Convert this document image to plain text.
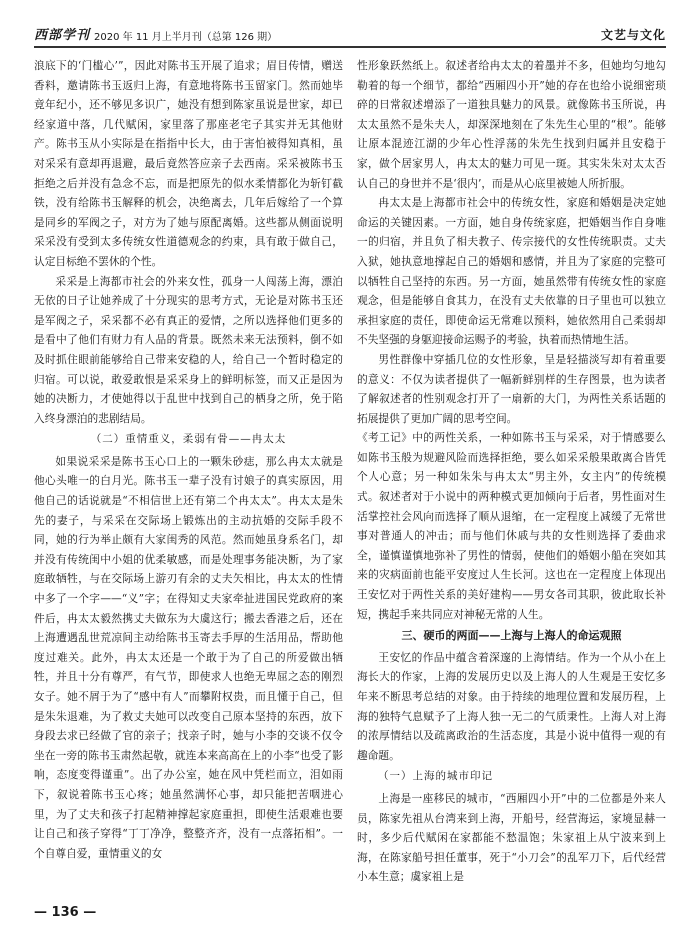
西部学刊 2020 年 11 月上半月刊（总第 126 期）	文艺与文化

浪底下的‘门槛心’”，因此对陈书玉开展了追求；眉目传情，赠送香料，邀请陈书玉返归上海，有意地将陈书玉留家门。然而她毕竟年纪小，还不够见多识广，她没有想到陈家虽说是世家，却已经家道中落，几代赋闲，家里落了那座老宅子其实并无其他财产。陈书玉从小实际是在指指中长大，由于害怕被得知真相，虽对采采有意却再退避，最后竟然答应亲子去西南。采采被陈书玉拒绝之后并没有急念不忘，而是把原先的似水柔情都化为斩钉截铁，没有给陈书玉解释的机会，决绝离去，几年后嫁给了一个算是同乡的军阀之子，对方为了她与原配离婚。这些都从侧面说明采采没有受到太多传统女性道德观念的约束，具有敢于做自己，认定目标绝不罢休的个性。

采采是上海都市社会的外来女性，孤身一人闯荡上海，漂泊无依的日子让她养成了十分现实的思考方式，无论是对陈书玉还是军阀之子，采采都不必有真正的爱情，之所以选择他们更多的是看中了他们有财力有人品的背景。既然未来无法预料，倒不如及时抓住眼前能够给自己带来安稳的人，给自己一个暂时稳定的归宿。可以说，敢爱敢恨是采采身上的鲜明标签，而又正是因为她的决断力，才使她得以于乱世中找到自己的栖身之所，免于陷入终身漂泊的悲剧结局。

（二）重情重义，柔弱有骨——冉太太

如果说采采是陈书玉心口上的一颗朱砂痣，那么冉太太就是他心头唯一的白月光。陈书玉一辈子没有讨娘子的真实原因，用他自己的话说就是“不相信世上还有第二个冉太太”。冉太太是朱先的妻子，与采采在交际场上锻炼出的主动抗婚的交际手段不同，她的行为举止颇有大家闺秀的风范。然而她虽身系名门，却并没有传统闺中小姐的优柔敏感，而是处理事务能决断，为了家庭敢牺牲，与在交际场上游刃有余的丈夫矢相比，冉太太的性情中多了一个字——“义”字；在得知丈夫家牵扯进国民党政府的案件后，冉太太毅然携丈夫做东为大虞这行；搬去香港之后，还在上海遭遇乱世荒凉间主动给陈书玉寄去手厚的生活用品，帮助他度过难关。此外，冉太太还是一个敢于为了自己的所爱做出牺牲，并且十分有尊严，有气节，即使求人也绝无卑屈之态的刚烈女子。她不屑于为了“感中有人”而攀附权贵，而且懂于自己，但是朱朱退难，为了救丈夫她可以改变自己原本坚持的东西，放下身段去求已经做了官的亲子；找亲子时，她与小李的交谈不仅令坐在一旁的陈书玉肃然起敬，就连本来高高在上的小李“也受了影响，态度变得谨重”。出了办公室，她在风中凭栏而立，泪如雨下，叙说着陈书玉心疼；她虽然满怀心事，却只能把苦咽进心里，为了丈夫和孩子打起精神撑起家庭重担，即使生活艰难也要让自己和孩子穿得“丁丁净净，整整齐齐，没有一点落拓相”。一个自尊自爱，重情重义的女

性形象跃然纸上。叙述者给冉太太的着墨并不多，但她均匀地勾勒着的每一个细节，都给“西厢四小开”她的存在也给小说细密琐碎的日常叙述增添了一道独具魅力的风景。就像陈书玉所说，冉太太虽然不是朱夫人，却深深地刻在了朱先生心里的“根”。能够让原本混迹江湖的少年心性浮荡的朱先生找到归属并且安稳于家，做个居家男人，冉太太的魅力可见一斑。其实朱朱对太太否认自己的身世并不是‘很内’，而是从心底里被她人所折服。

冉太太是上海都市社会中的传统女性，家庭和婚姻是决定她命运的关键因素。一方面，她自身传统家庭，把婚姻当作自身唯一的归宿，并且负了相夫教子、传宗接代的女性传统职责。丈夫入狱，她执意地撑起自己的婚姻和感情，并且为了家庭的完整可以牺牲自己坚持的东西。另一方面，她虽然带有传统女性的家庭观念，但是能够自食其力，在没有丈夫依靠的日子里也可以独立承担家庭的责任，即使命运无常难以预料，她依然用自己柔弱却不失坚强的身躯迎接命运赐予的考验，执着而热情地生活。

男性群像中穿插几位的女性形象，呈是轻描淡写却有着重要的意义：不仅为读者提供了一幅新鲜别样的生存图景，也为读者了解叙述者的性别观念打开了一扇新的大门，为两性关系话题的拓展提供了更加广阔的思考空间。

《考工记》中的两性关系，一种如陈书玉与采采，对于情感要么如陈书玉般为规避风险而选择拒绝，要么如采采般果敢离合皆凭个人心意；另一种如朱朱与冉太太“男主外，女主内”的传统模式。叙述者对于小说中的两种模式更加倾向于后者，男性面对生活掌控社会风向而选择了顺从退缩，在一定程度上减缓了无常世事对普通人的冲击；而与他们休戚与共的女性则选择了委曲求全，谨慎谨慎地弥补了男性的情弱，使他们的婚姻小船在突如其来的灾病面前也能平安度过人生长河。这也在一定程度上体现出王安忆对于两性关系的美好建构——男女各司其职，彼此取长补短，携起手来共同应对神秘无常的人生。

三、硬币的两面——上海与上海人的命运观照

王安忆的作品中蕴含着深邃的上海情结。作为一个从小在上海长大的作家，上海的发展历史以及上海人的人生观是王安忆多年来不断思考总结的对象。由于持续的地理位置和发展历程，上海的独特气息赋予了上海人独一无二的气质秉性。上海人对上海的浓厚情结以及疏离政治的生活态度，其是小说中值得一观的有趣命题。

（一）上海的城市印记

上海是一座移民的城市，“西厢四小开”中的二位都是外来人员，陈家先祖从台湾来到上海，开船号，经营海运，家境显赫一时，多少后代赋闲在家都能不愁温饱；朱家祖上从宁波来到上海，在陈家船号担任董事，死于“小刀会”的乱军刀下，后代经营小本生意；虞家祖上是

— 136 —
